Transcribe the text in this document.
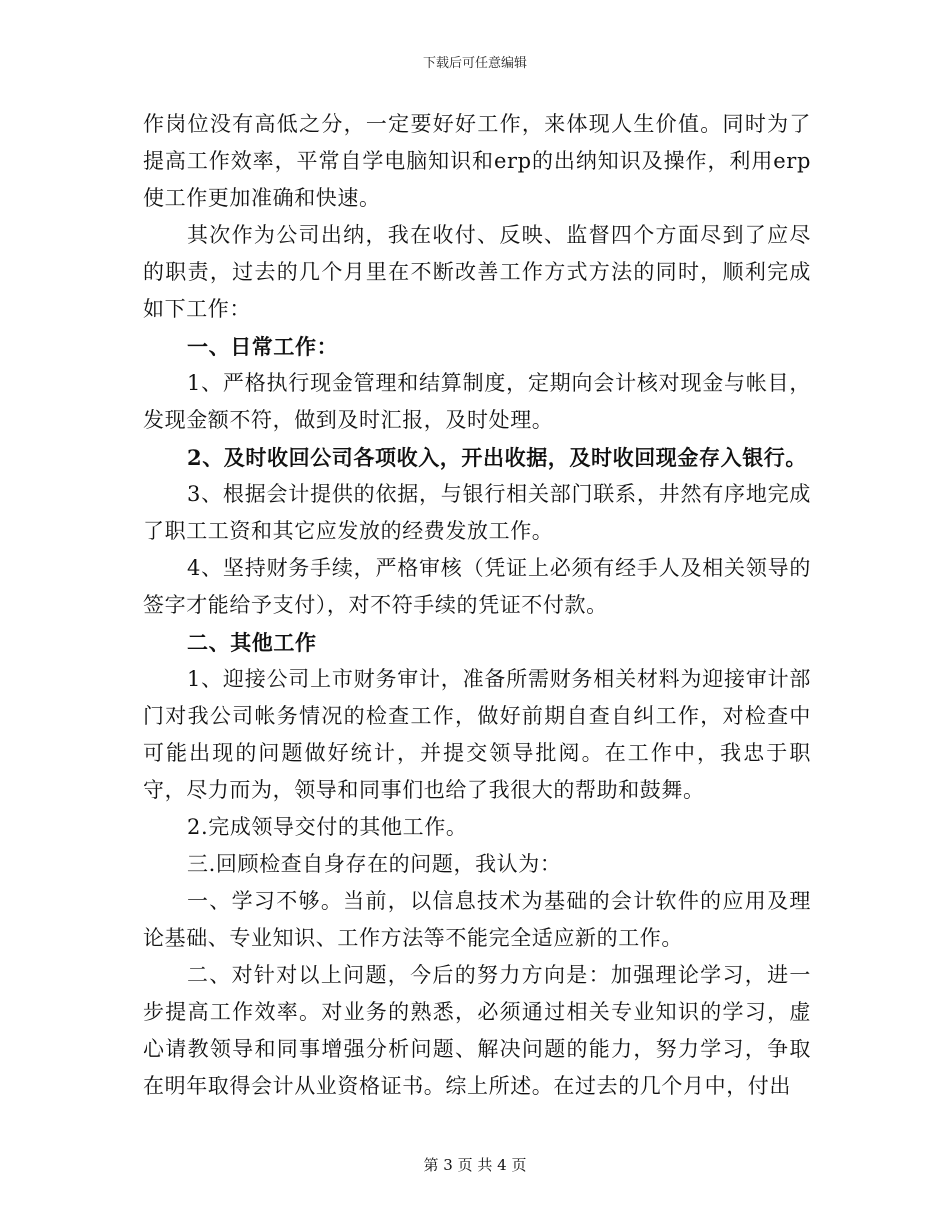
下载后可任意编辑

作岗位没有高低之分，一定要好好工作，来体现人生价值。同时为了提高工作效率，平常自学电脑知识和erp的出纳知识及操作，利用erp使工作更加准确和快速。

其次作为公司出纳，我在收付、反映、监督四个方面尽到了应尽的职责，过去的几个月里在不断改善工作方式方法的同时，顺利完成如下工作：

一、日常工作：

1、严格执行现金管理和结算制度，定期向会计核对现金与帐目，发现金额不符，做到及时汇报，及时处理。

2、及时收回公司各项收入，开出收据，及时收回现金存入银行。

3、根据会计提供的依据，与银行相关部门联系，井然有序地完成了职工工资和其它应发放的经费发放工作。

4、坚持财务手续，严格审核（凭证上必须有经手人及相关领导的签字才能给予支付），对不符手续的凭证不付款。

二、其他工作

1、迎接公司上市财务审计，准备所需财务相关材料为迎接审计部门对我公司帐务情况的检查工作，做好前期自查自纠工作，对检查中可能出现的问题做好统计，并提交领导批阅。在工作中，我忠于职守，尽力而为，领导和同事们也给了我很大的帮助和鼓舞。

2.完成领导交付的其他工作。

三.回顾检查自身存在的问题，我认为：

一、学习不够。当前，以信息技术为基础的会计软件的应用及理论基础、专业知识、工作方法等不能完全适应新的工作。

二、对针对以上问题，今后的努力方向是：加强理论学习，进一步提高工作效率。对业务的熟悉，必须通过相关专业知识的学习，虚心请教领导和同事增强分析问题、解决问题的能力，努力学习，争取在明年取得会计从业资格证书。综上所述。在过去的几个月中，付出

第 3 页 共 4 页
